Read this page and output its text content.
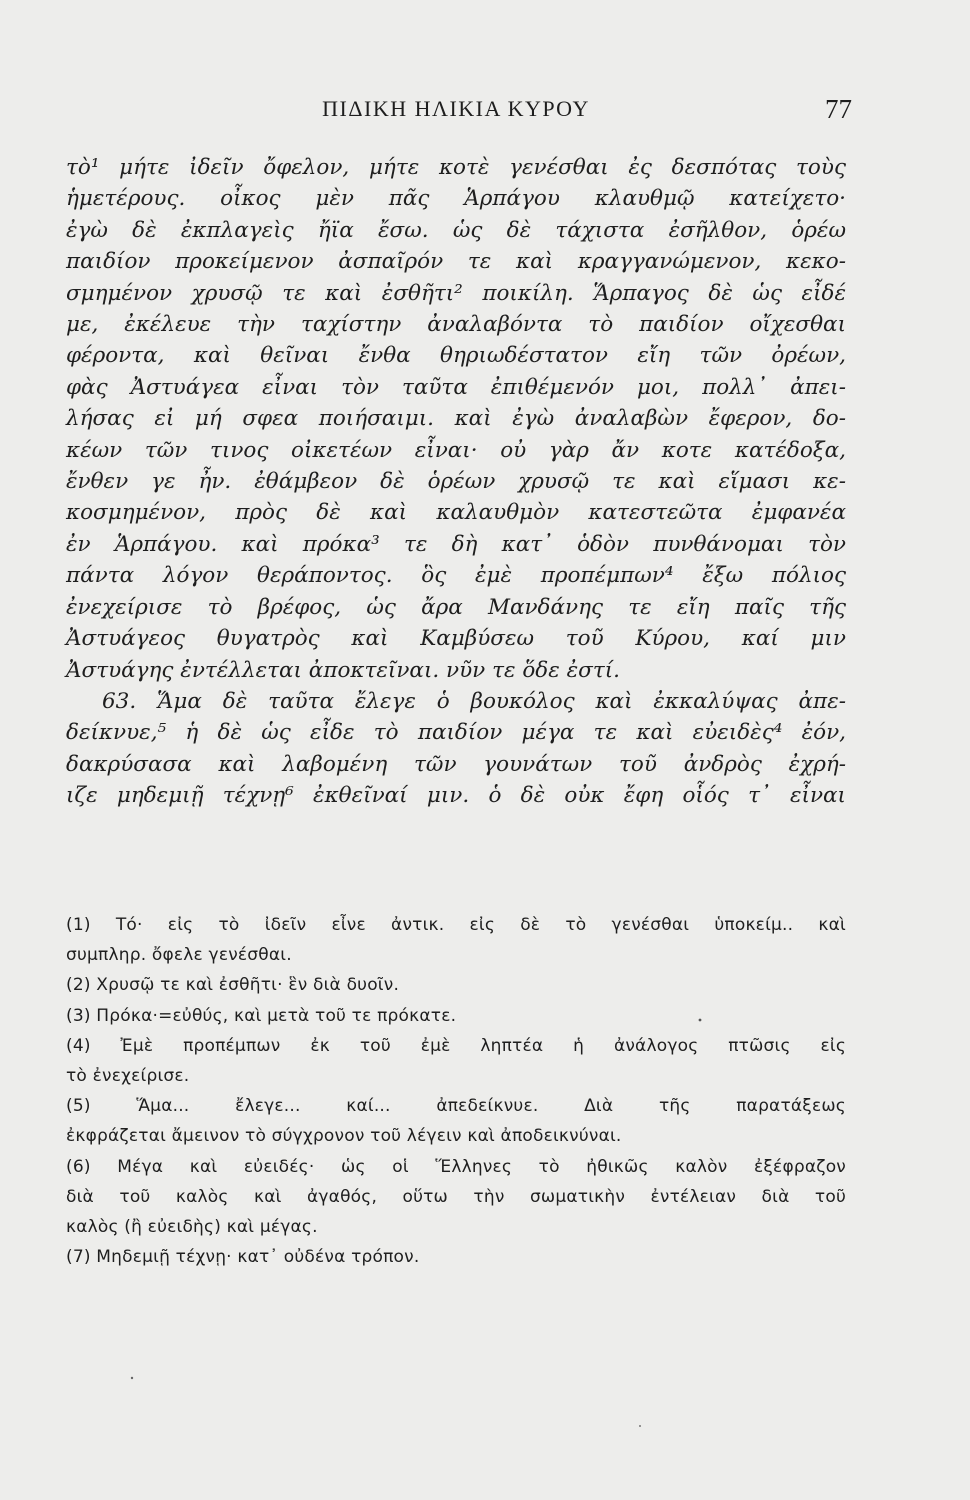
ΠΙΔΙΚΗ ΗΛΙΚΙΑ ΚΥΡΟΥ	77
τὸ¹ μήτε ἰδεῖν ὄφελον, μήτε κοτὲ γενέσθαι ἐς δεσπότας τοὺς
ἡμετέρους. οἶκος μὲν πᾶς Ἁρπάγου κλαυθμῷ κατείχετο·
ἐγὼ δὲ ἐκπλαγεὶς ἤϊα ἔσω. ὡς δὲ τάχιστα ἐσῆλθον, ὁρέω
παιδίον προκείμενον ἀσπαῖρόν τε καὶ κραγγανώμενον, κεκο-
σμημένον χρυσῷ τε καὶ ἐσθῆτι² ποικίλη. Ἅρπαγος δὲ ὡς εἶδέ
με, ἐκέλευε τὴν ταχίστην ἀναλαβόντα τὸ παιδίον οἴχεσθαι
φέροντα, καὶ θεῖναι ἔνθα θηριωδέστατον εἴη τῶν ὀρέων,
φὰς Ἀστυάγεα εἶναι τὸν ταῦτα ἐπιθέμενόν μοι, πολλ᾽ ἀπει-
λήσας εἰ μή σφεα ποιήσαιμι. καὶ ἐγὼ ἀναλαβὼν ἔφερον, δο-
κέων τῶν τινος οἰκετέων εἶναι· οὐ γὰρ ἄν κοτε κατέδοξα,
ἔνθεν γε ἦν. ἐθάμβεον δὲ ὁρέων χρυσῷ τε καὶ εἵμασι κε-
κοσμημένον, πρὸς δὲ καὶ καλαυθμὸν κατεστεῶτα ἐμφανέα
ἐν Ἁρπάγου. καὶ πρόκα³ τε δὴ κατ᾽ ὁδὸν πυνθάνομαι τὸν
πάντα λόγον θεράποντος. ὃς ἐμὲ προπέμπων⁴ ἔξω πόλιος
ἐνεχείρισε τὸ βρέφος, ὡς ἄρα Μανδάνης τε εἴη παῖς τῆς
Ἀστυάγεος θυγατρὸς καὶ Καμβύσεω τοῦ Κύρου, καί μιν
Ἀστυάγης ἐντέλλεται ἀποκτεῖναι. νῦν τε ὅδε ἐστί.
63. Ἅμα δὲ ταῦτα ἔλεγε ὁ βουκόλος καὶ ἐκκαλύψας ἀπε-
δείκνυε,⁵ ἡ δὲ ὡς εἶδε τὸ παιδίον μέγα τε καὶ εὐειδὲς⁴ ἐόν,
δακρύσασα καὶ λαβομένη τῶν γουνάτων τοῦ ἀνδρὸς ἐχρή-
ιζε μηδεμιῇ τέχνῃ⁶ ἐκθεῖναί μιν. ὁ δὲ οὐκ ἔφη οἷός τ᾽ εἶναι
(1) Τό· εἰς τὸ ἰδεῖν εἶνε ἀντικ. εἰς δὲ τὸ γενέσθαι ὑποκείμ.. καὶ
συμπληρ. ὄφελε γενέσθαι.
(2) Χρυσῷ τε καὶ ἐσθῆτι· ἓν διὰ δυοῖν.
(3) Πρόκα·=εὐθύς, καὶ μετὰ τοῦ τε πρόκατε.
(4) Ἐμὲ προπέμπων ἐκ τοῦ ἐμὲ ληπτέα ἡ ἀνάλογος πτῶσις εἰς
τὸ ἐνεχείρισε.
(5) Ἅμα... ἔλεγε... καί... ἀπεδείκνυε. Διὰ τῆς παρατάξεως
ἐκφράζεται ἄμεινον τὸ σύγχρονον τοῦ λέγειν καὶ ἀποδεικνύναι.
(6) Μέγα καὶ εὐειδές· ὡς οἱ Ἕλληνες τὸ ἠθικῶς καλὸν ἐξέφραζον
διὰ τοῦ καλὸς καὶ ἀγαθός, οὕτω τὴν σωματικὴν ἐντέλειαν διὰ τοῦ
καλὸς (ἢ εὐειδὴς) καὶ μέγας.
(7) Μηδεμιῇ τέχνῃ· κατ᾽ οὐδένα τρόπον.
